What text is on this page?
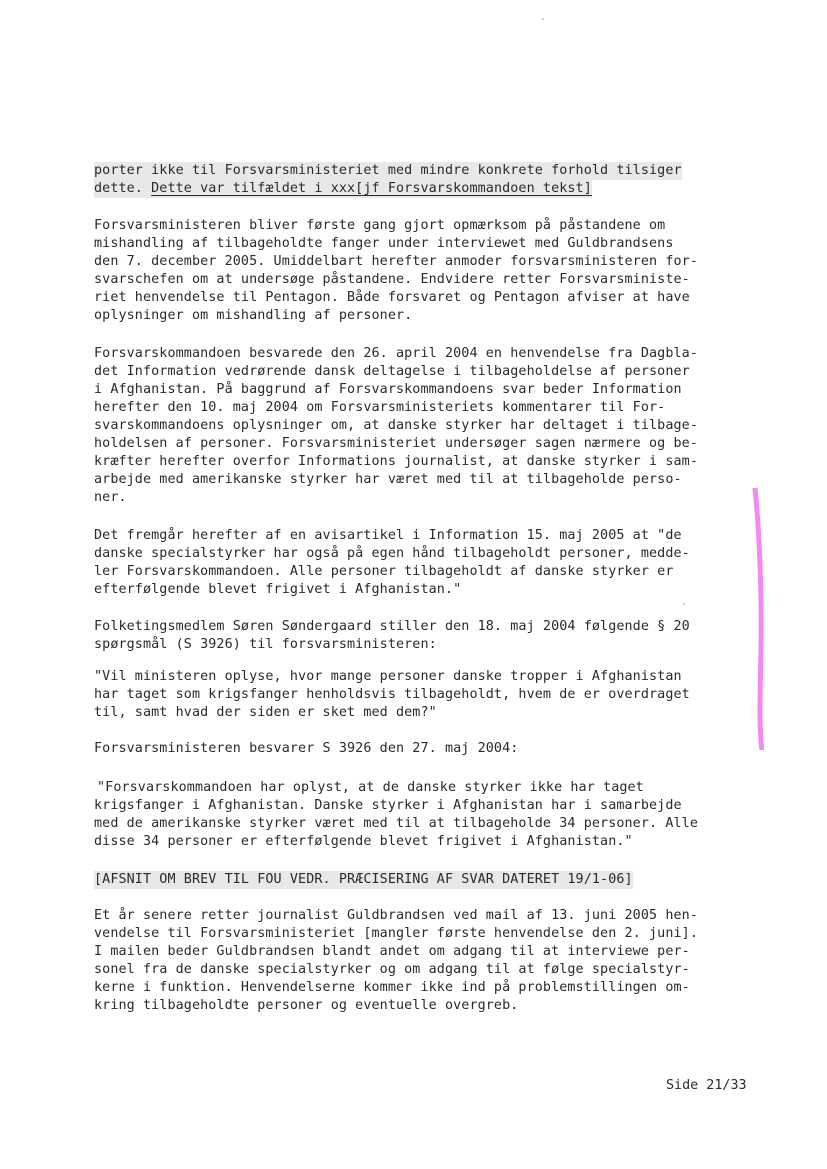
porter ikke til Forsvarsministeriet med mindre konkrete forhold tilsiger

dette. Dette var tilfældet i xxx[jf Forsvarskommandoen tekst]

Forsvarsministeren bliver første gang gjort opmærksom på påstandene om

mishandling af tilbageholdte fanger under interviewet med Guldbrandsens

den 7. december 2005. Umiddelbart herefter anmoder forsvarsministeren for-

svarschefen om at undersøge påstandene. Endvidere retter Forsvarsministe-

riet henvendelse til Pentagon. Både forsvaret og Pentagon afviser at have

oplysninger om mishandling af personer.

Forsvarskommandoen besvarede den 26. april 2004 en henvendelse fra Dagbla-

det Information vedrørende dansk deltagelse i tilbageholdelse af personer

i Afghanistan. På baggrund af Forsvarskommandoens svar beder Information

herefter den 10. maj 2004 om Forsvarsministeriets kommentarer til For-

svarskommandoens oplysninger om, at danske styrker har deltaget i tilbage-

holdelsen af personer. Forsvarsministeriet undersøger sagen nærmere og be-

kræfter herefter overfor Informations journalist, at danske styrker i sam-

arbejde med amerikanske styrker har været med til at tilbageholde perso-

ner.

Det fremgår herefter af en avisartikel i Information 15. maj 2005 at "de

danske specialstyrker har også på egen hånd tilbageholdt personer, medde-

ler Forsvarskommandoen. Alle personer tilbageholdt af danske styrker er

efterfølgende blevet frigivet i Afghanistan."

Folketingsmedlem Søren Søndergaard stiller den 18. maj 2004 følgende § 20

spørgsmål (S 3926) til forsvarsministeren:

"Vil ministeren oplyse, hvor mange personer danske tropper i Afghanistan

har taget som krigsfanger henholdsvis tilbageholdt, hvem de er overdraget

til, samt hvad der siden er sket med dem?"

Forsvarsministeren besvarer S 3926 den 27. maj 2004:

"Forsvarskommandoen har oplyst, at de danske styrker ikke har taget

krigsfanger i Afghanistan. Danske styrker i Afghanistan har i samarbejde

med de amerikanske styrker været med til at tilbageholde 34 personer. Alle

disse 34 personer er efterfølgende blevet frigivet i Afghanistan."

[AFSNIT OM BREV TIL FOU VEDR. PRÆCISERING AF SVAR DATERET 19/1-06]

Et år senere retter journalist Guldbrandsen ved mail af 13. juni 2005 hen-

vendelse til Forsvarsministeriet [mangler første henvendelse den 2. juni].

I mailen beder Guldbrandsen blandt andet om adgang til at interviewe per-

sonel fra de danske specialstyrker og om adgang til at følge specialstyr-

kerne i funktion. Henvendelserne kommer ikke ind på problemstillingen om-

kring tilbageholdte personer og eventuelle overgreb.

Side 21/33
